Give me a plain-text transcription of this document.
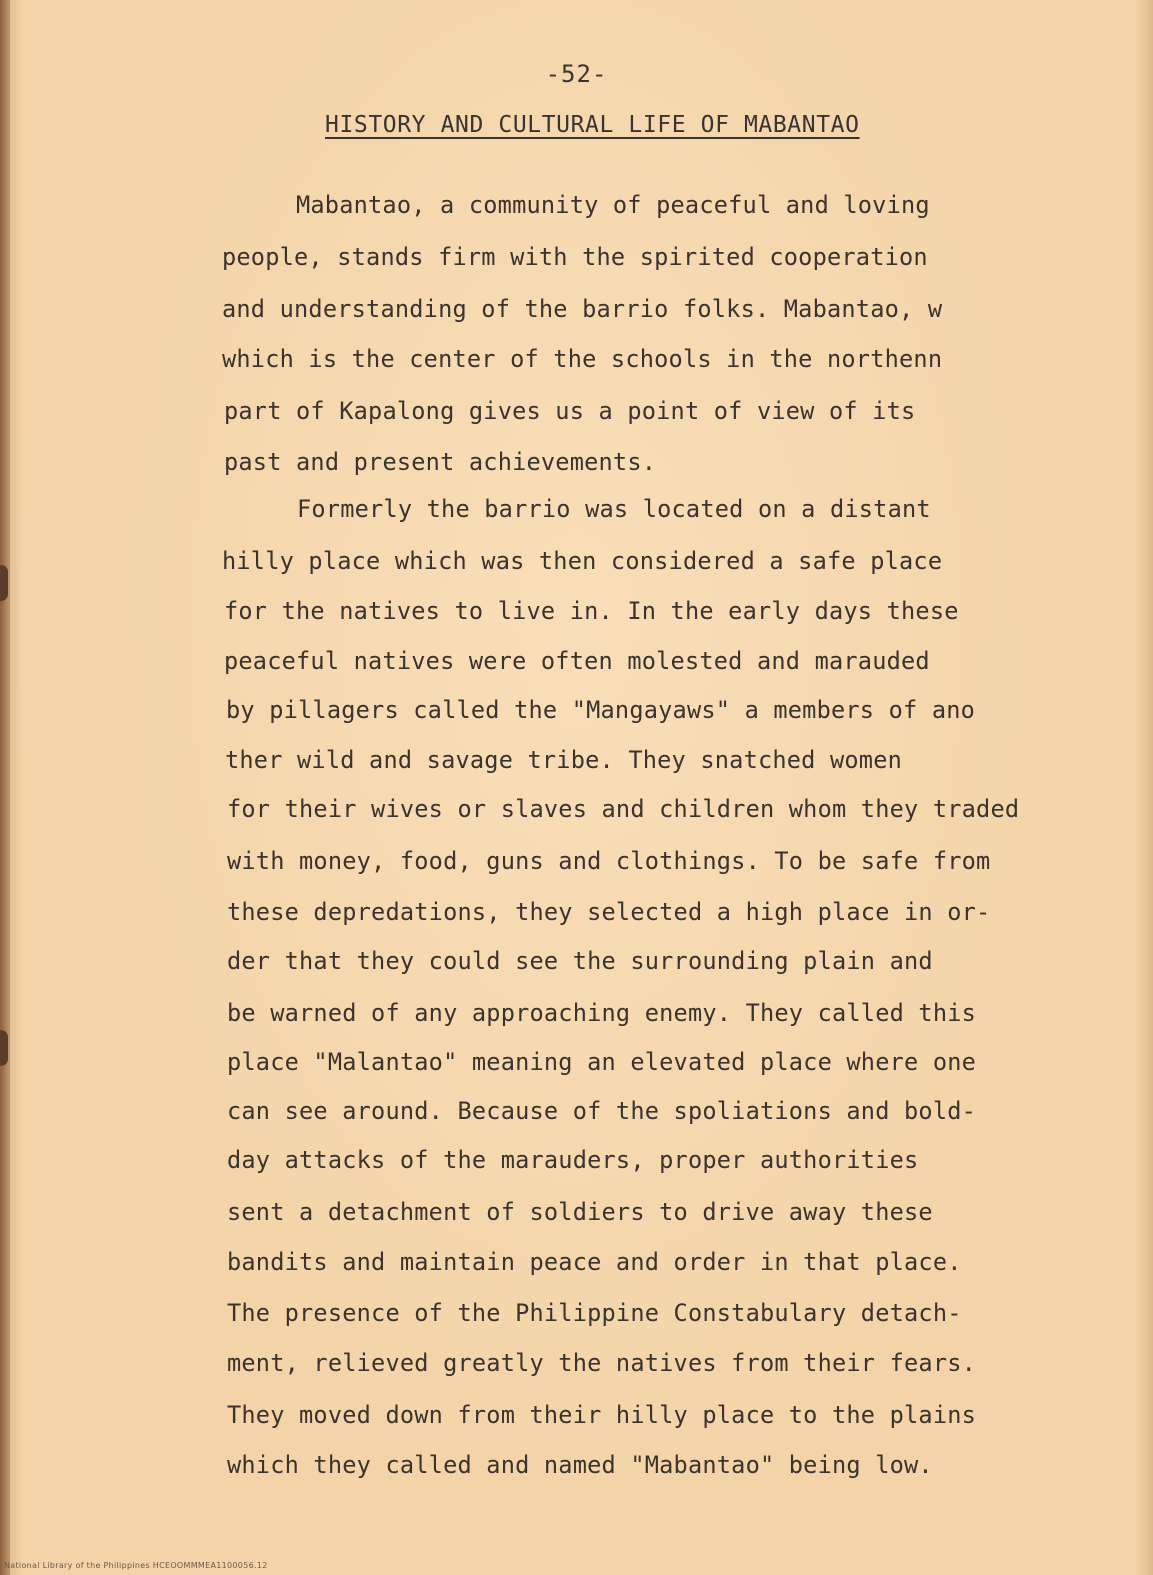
-52-
HISTORY AND CULTURAL LIFE OF MABANTAO
Mabantao, a community of peaceful and loving
people, stands firm with the spirited cooperation
and understanding of the barrio folks. Mabantao, w
which is the center of the schools in the northenn
part of Kapalong gives us a point of view of its
past and present achievements.
Formerly the barrio was located on a distant
hilly place which was then considered a safe place
for the natives to live in. In the early days these
peaceful natives were often molested and marauded
by pillagers called the "Mangayaws" a members of ano
ther wild and savage tribe. They snatched women
for their wives or slaves and children whom they traded
with money, food, guns and clothings. To be safe from
these depredations, they selected a high place in or-
der that they could see the surrounding plain and
be warned of any approaching enemy. They called this
place "Malantao" meaning an elevated place where one
can see around. Because of the spoliations and bold-
day attacks of the marauders, proper authorities
sent a detachment of soldiers to drive away these
bandits and maintain peace and order in that place.
The presence of the Philippine Constabulary detach-
ment, relieved greatly the natives from their fears.
They moved down from their hilly place to the plains
which they called and named "Mabantao" being low.
National Library of the Philippines HCEOOMMMEA1100056.12
